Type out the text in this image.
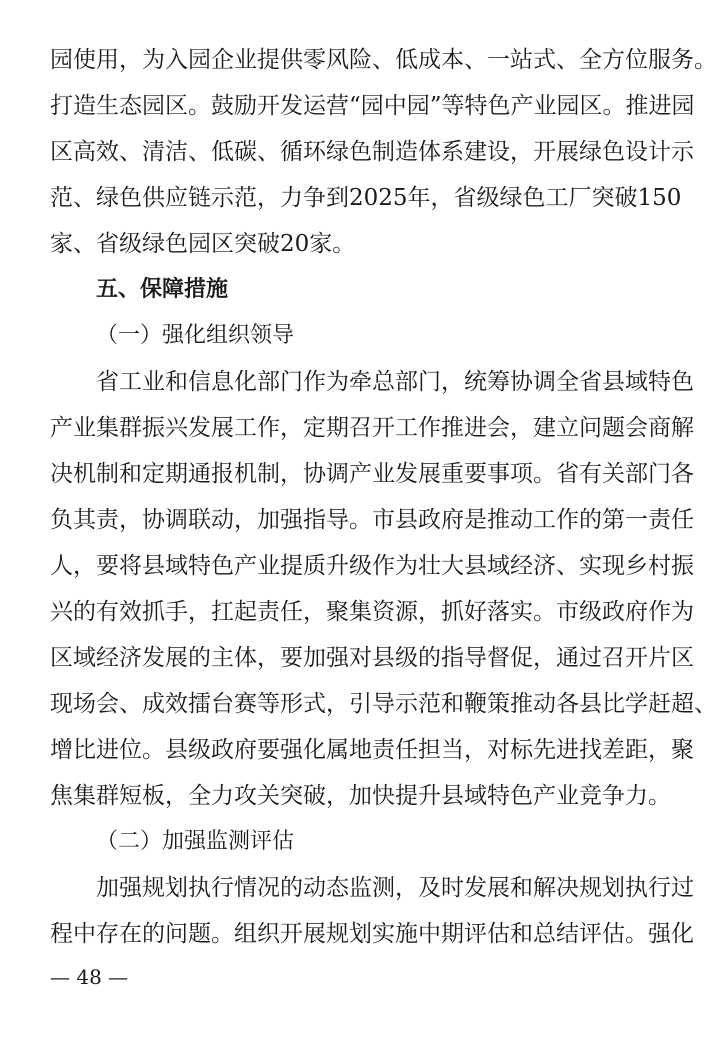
园使用，为入园企业提供零风险、低成本、一站式、全方位服务。
打造生态园区。鼓励开发运营“园中园”等特色产业园区。推进园
区高效、清洁、低碳、循环绿色制造体系建设，开展绿色设计示
范、绿色供应链示范，力争到2025年，省级绿色工厂突破150
家、省级绿色园区突破20家。
五、保障措施
（一）强化组织领导
省工业和信息化部门作为牵总部门，统筹协调全省县域特色
产业集群振兴发展工作，定期召开工作推进会，建立问题会商解
决机制和定期通报机制，协调产业发展重要事项。省有关部门各
负其责，协调联动，加强指导。市县政府是推动工作的第一责任
人，要将县域特色产业提质升级作为壮大县域经济、实现乡村振
兴的有效抓手，扛起责任，聚集资源，抓好落实。市级政府作为
区域经济发展的主体，要加强对县级的指导督促，通过召开片区
现场会、成效擂台赛等形式，引导示范和鞭策推动各县比学赶超、
增比进位。县级政府要强化属地责任担当，对标先进找差距，聚
焦集群短板，全力攻关突破，加快提升县域特色产业竞争力。
（二）加强监测评估
加强规划执行情况的动态监测，及时发展和解决规划执行过
程中存在的问题。组织开展规划实施中期评估和总结评估。强化
— 48 —
